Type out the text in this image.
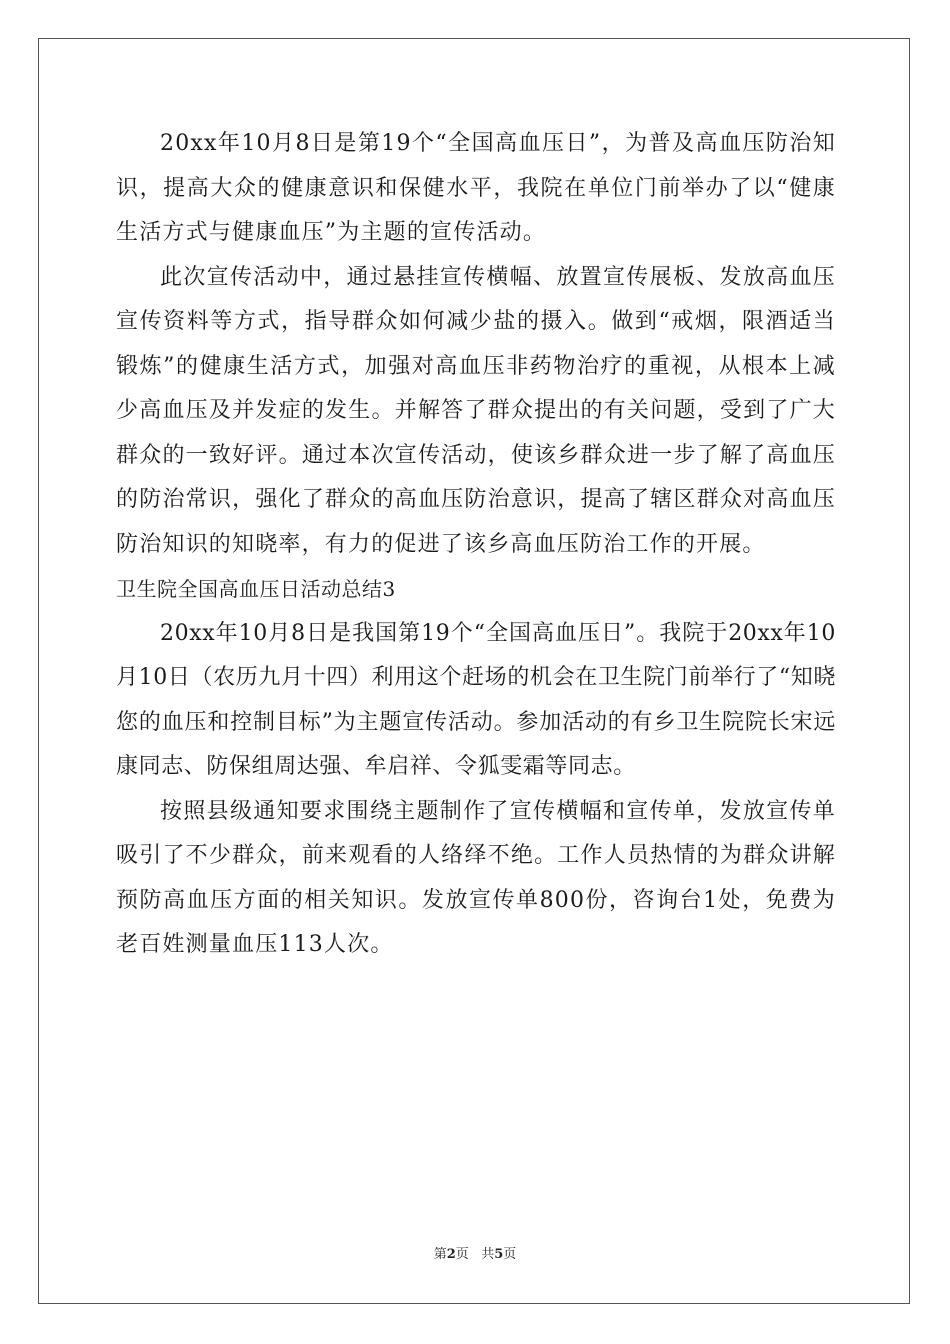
20xx年10月8日是第19个“全国高血压日”，为普及高血压防治知识，提高大众的健康意识和保健水平，我院在单位门前举办了以“健康生活方式与健康血压”为主题的宣传活动。

此次宣传活动中，通过悬挂宣传横幅、放置宣传展板、发放高血压宣传资料等方式，指导群众如何减少盐的摄入。做到“戒烟，限酒适当锻炼”的健康生活方式，加强对高血压非药物治疗的重视，从根本上减少高血压及并发症的发生。并解答了群众提出的有关问题，受到了广大群众的一致好评。通过本次宣传活动，使该乡群众进一步了解了高血压的防治常识，强化了群众的高血压防治意识，提高了辖区群众对高血压防治知识的知晓率，有力的促进了该乡高血压防治工作的开展。

卫生院全国高血压日活动总结3

20xx年10月8日是我国第19个“全国高血压日”。我院于20xx年10月10日（农历九月十四）利用这个赶场的机会在卫生院门前举行了“知晓您的血压和控制目标”为主题宣传活动。参加活动的有乡卫生院院长宋远康同志、防保组周达强、牟启祥、令狐雯霜等同志。

按照县级通知要求围绕主题制作了宣传横幅和宣传单，发放宣传单吸引了不少群众，前来观看的人络绎不绝。工作人员热情的为群众讲解预防高血压方面的相关知识。发放宣传单800份，咨询台1处，免费为老百姓测量血压113人次。

第2页 共5页
